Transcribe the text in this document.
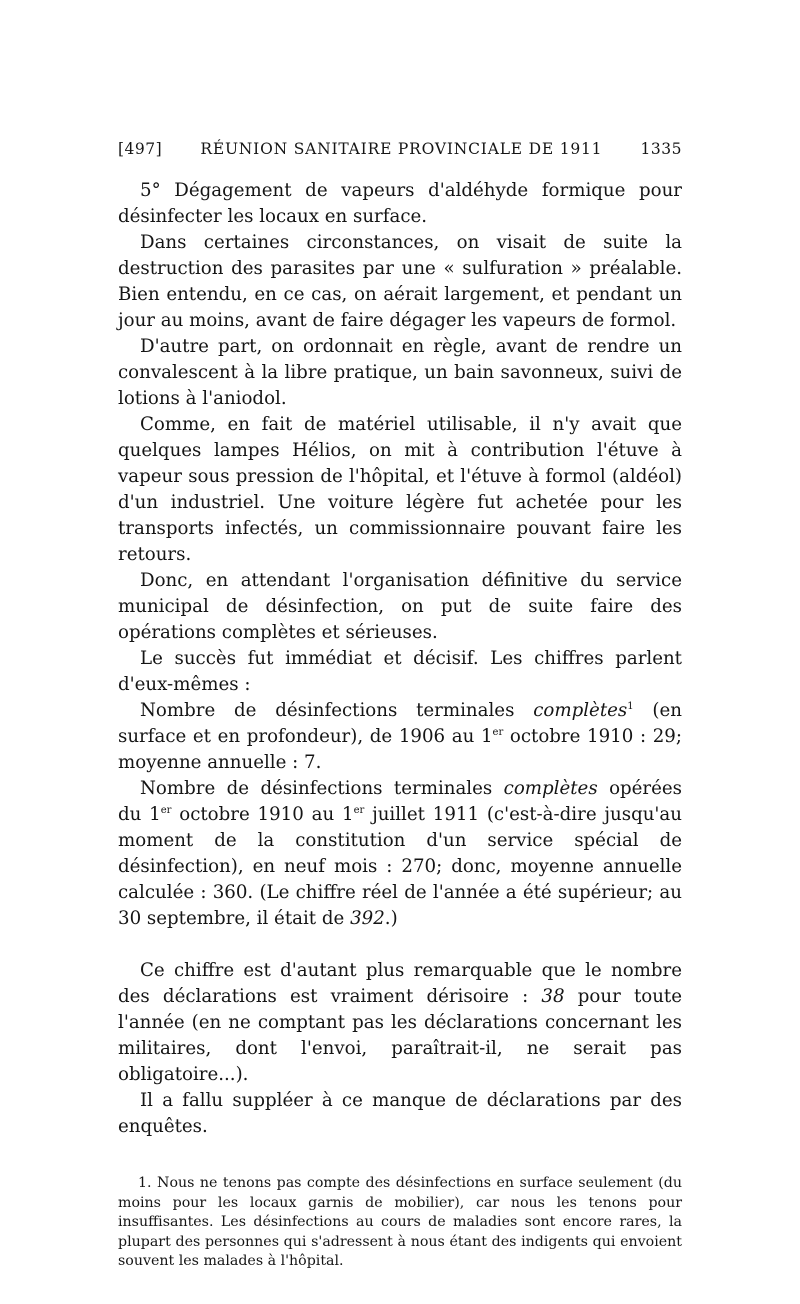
[497] RÉUNION SANITAIRE PROVINCIALE DE 1911 1335

5° Dégagement de vapeurs d'aldéhyde formique pour désinfecter les locaux en surface.

Dans certaines circonstances, on visait de suite la destruction des parasites par une « sulfuration » préalable. Bien entendu, en ce cas, on aérait largement, et pendant un jour au moins, avant de faire dégager les vapeurs de formol.

D'autre part, on ordonnait en règle, avant de rendre un convalescent à la libre pratique, un bain savonneux, suivi de lotions à l'aniodol.

Comme, en fait de matériel utilisable, il n'y avait que quelques lampes Hélios, on mit à contribution l'étuve à vapeur sous pression de l'hôpital, et l'étuve à formol (aldéol) d'un industriel. Une voiture légère fut achetée pour les transports infectés, un commissionnaire pouvant faire les retours.

Donc, en attendant l'organisation définitive du service municipal de désinfection, on put de suite faire des opérations complètes et sérieuses.

Le succès fut immédiat et décisif. Les chiffres parlent d'eux-mêmes :

Nombre de désinfections terminales complètes$^1$ (en surface et en profondeur), de 1906 au 1er octobre 1910 : 29; moyenne annuelle : 7.

Nombre de désinfections terminales complètes opérées du 1er octobre 1910 au 1er juillet 1911 (c'est-à-dire jusqu'au moment de la constitution d'un service spécial de désinfection), en neuf mois : 270; donc, moyenne annuelle calculée : 360. (Le chiffre réel de l'année a été supérieur; au 30 septembre, il était de 392.)

Ce chiffre est d'autant plus remarquable que le nombre des déclarations est vraiment dérisoire : 38 pour toute l'année (en ne comptant pas les déclarations concernant les militaires, dont l'envoi, paraîtrait-il, ne serait pas obligatoire...).

Il a fallu suppléer à ce manque de déclarations par des enquêtes.

1. Nous ne tenons pas compte des désinfections en surface seulement (du moins pour les locaux garnis de mobilier), car nous les tenons pour insuffisantes. Les désinfections au cours de maladies sont encore rares, la plupart des personnes qui s'adressent à nous étant des indigents qui envoient souvent les malades à l'hôpital.
